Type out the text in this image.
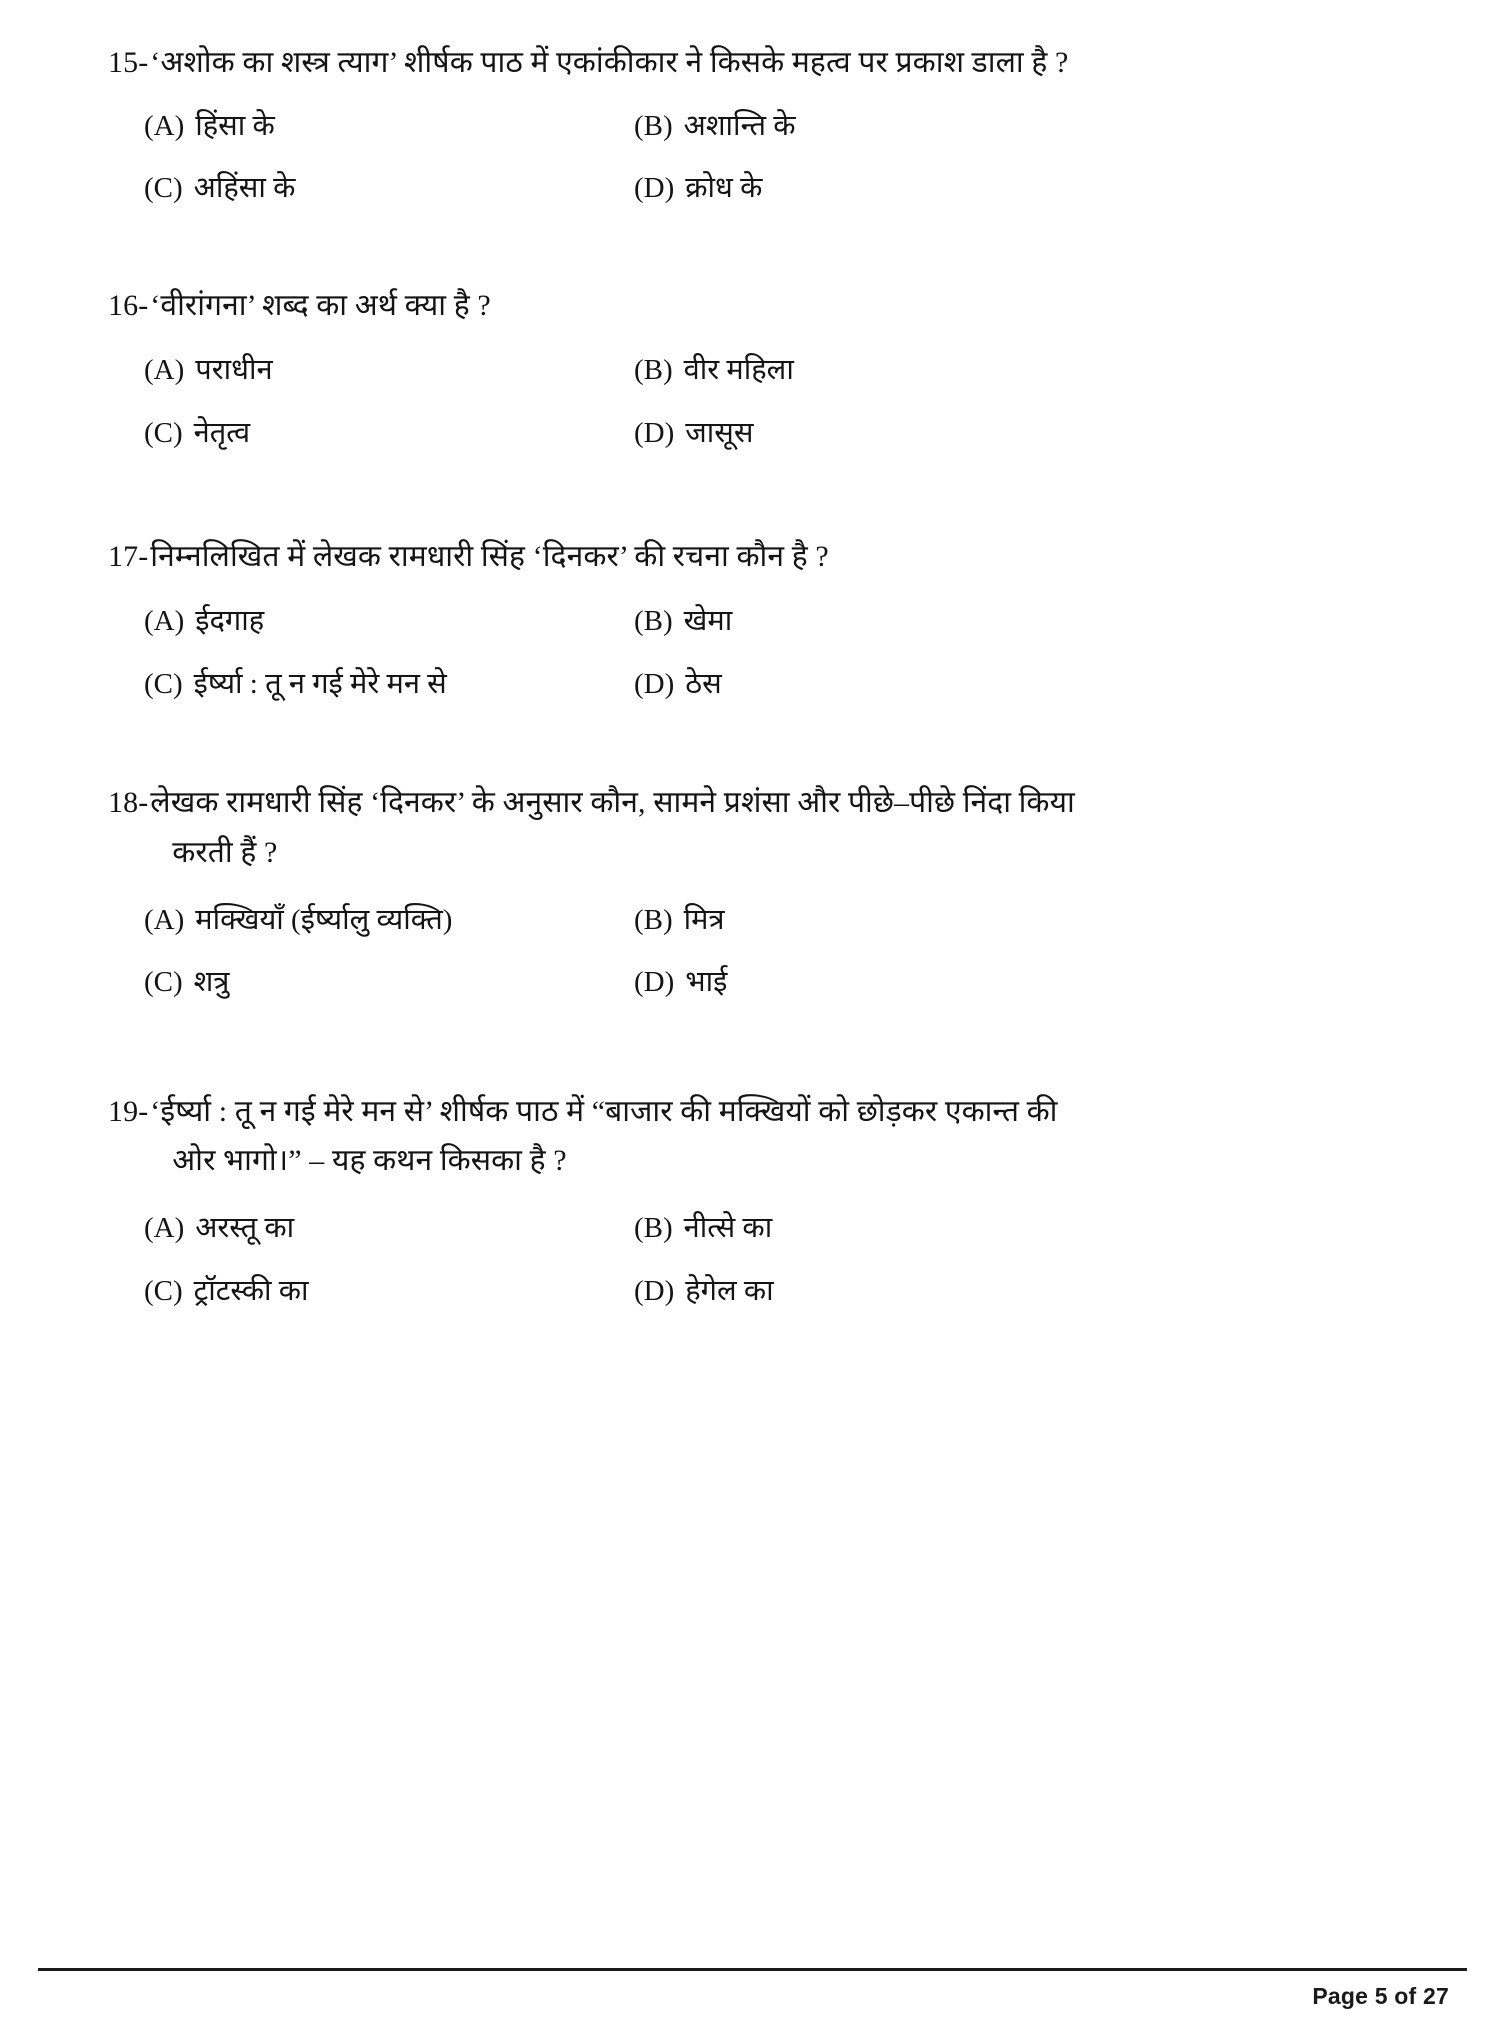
15- ‘अशोक का शस्त्र त्याग’ शीर्षक पाठ में एकांकीकार ने किसके महत्व पर प्रकाश डाला है ?
(A) हिंसा के	(B) अशान्ति के
(C) अहिंसा के	(D) क्रोध के
16- ‘वीरांगना’ शब्द का अर्थ क्या है ?
(A) पराधीन	(B) वीर महिला
(C) नेतृत्व	(D) जासूस
17- निम्नलिखित में लेखक रामधारी सिंह ‘दिनकर’ की रचना कौन है ?
(A) ईदगाह	(B) खेमा
(C) ईर्ष्या : तू न गई मेरे मन से	(D) ठेस
18- लेखक रामधारी सिंह ‘दिनकर’ के अनुसार कौन, सामने प्रशंसा और पीछे–पीछे निंदा किया
करती हैं ?
(A) मक्खियाँ (ईर्ष्यालु व्यक्ति)	(B) मित्र
(C) शत्रु	(D) भाई
19- ‘ईर्ष्या : तू न गई मेरे मन से’ शीर्षक पाठ में “बाजार की मक्खियों को छोड़कर एकान्त की
ओर भागो।” – यह कथन किसका है ?
(A) अरस्तू का	(B) नीत्से का
(C) ट्रॉटस्की का	(D) हेगेल का
Page 5 of 27
